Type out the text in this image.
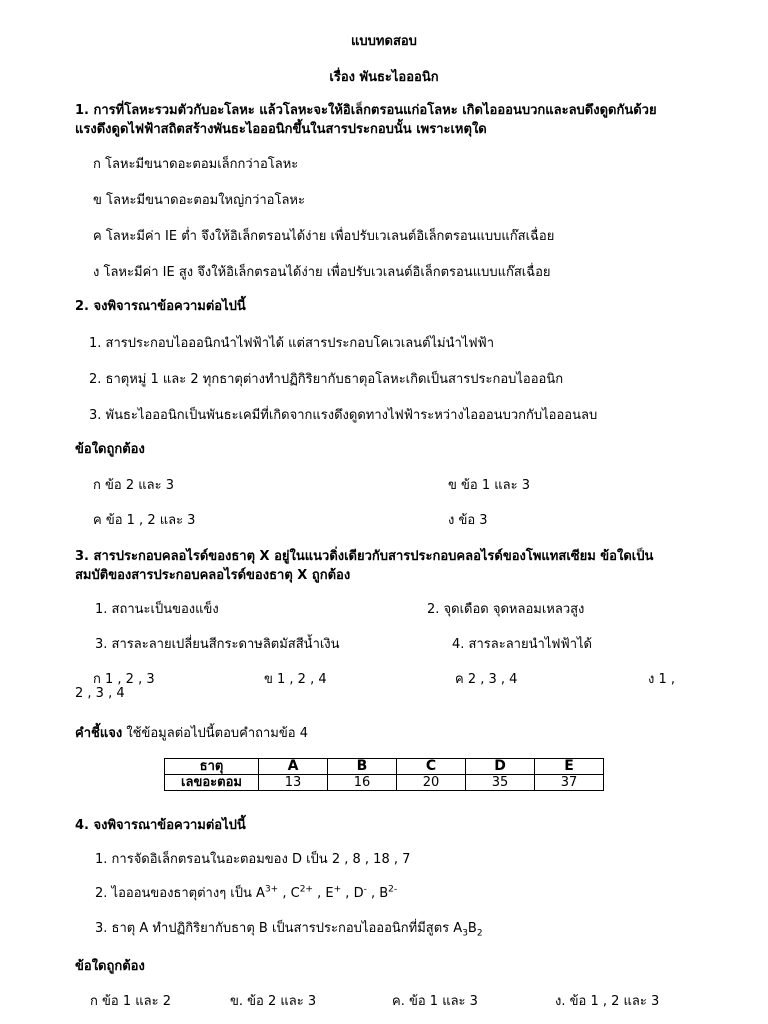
แบบทดสอบ
เรื่อง พันธะไอออนิก
1. การที่โลหะรวมตัวกับอะโลหะ แล้วโลหะจะให้อิเล็กตรอนแก่อโลหะ เกิดไอออนบวกและลบดึงดูดกันด้วย
แรงดึงดูดไฟฟ้าสถิตสร้างพันธะไอออนิกขึ้นในสารประกอบนั้น เพราะเหตุใด
ก โลหะมีขนาดอะตอมเล็กกว่าอโลหะ
ข โลหะมีขนาดอะตอมใหญ่กว่าอโลหะ
ค โลหะมีค่า IE ต่ำ จึงให้อิเล็กตรอนได้ง่าย เพื่อปรับเวเลนต์อิเล็กตรอนแบบแก๊สเฉื่อย
ง โลหะมีค่า IE สูง จึงให้อิเล็กตรอนได้ง่าย เพื่อปรับเวเลนต์อิเล็กตรอนแบบแก๊สเฉื่อย
2. จงพิจารณาข้อความต่อไปนี้
1. สารประกอบไอออนิกนำไฟฟ้าได้ แต่สารประกอบโคเวเลนต์ไม่นำไฟฟ้า
2. ธาตุหมู่ 1 และ 2 ทุกธาตุต่างทำปฏิกิริยากับธาตุอโลหะเกิดเป็นสารประกอบไอออนิก
3. พันธะไอออนิกเป็นพันธะเคมีที่เกิดจากแรงดึงดูดทางไฟฟ้าระหว่างไอออนบวกกับไอออนลบ
ข้อใดถูกต้อง
ก ข้อ 2 และ 3	ข ข้อ 1 และ 3
ค ข้อ 1 , 2 และ 3	ง ข้อ 3
3. สารประกอบคลอไรด์ของธาตุ X อยู่ในแนวดิ่งเดียวกับสารประกอบคลอไรด์ของโพแทสเซียม ข้อใดเป็น
สมบัติของสารประกอบคลอไรด์ของธาตุ X ถูกต้อง
1. สถานะเป็นของแข็ง	2. จุดเดือด จุดหลอมเหลวสูง
3. สารละลายเปลี่ยนสีกระดาษลิตมัสสีน้ำเงิน	4. สารละลายนำไฟฟ้าได้
ก 1 , 2 , 3	ข 1 , 2 , 4	ค 2 , 3 , 4	ง 1 ,
2 , 3 , 4
คำชี้แจง ใช้ข้อมูลต่อไปนี้ตอบคำถามข้อ 4
ธาตุ	A	B	C	D	E
เลขอะตอม	13	16	20	35	37
4. จงพิจารณาข้อความต่อไปนี้
1. การจัดอิเล็กตรอนในอะตอมของ D เป็น 2 , 8 , 18 , 7
2. ไอออนของธาตุต่างๆ เป็น $A^{3+}$ , $C^{2+}$ , E+ , D- , $B^{2-}$
3. ธาตุ A ทำปฏิกิริยากับธาตุ B เป็นสารประกอบไอออนิกที่มีสูตร $A_3B_2$
ข้อใดถูกต้อง
ก ข้อ 1 และ 2	ข. ข้อ 2 และ 3	ค. ข้อ 1 และ 3	ง. ข้อ 1 , 2 และ 3
